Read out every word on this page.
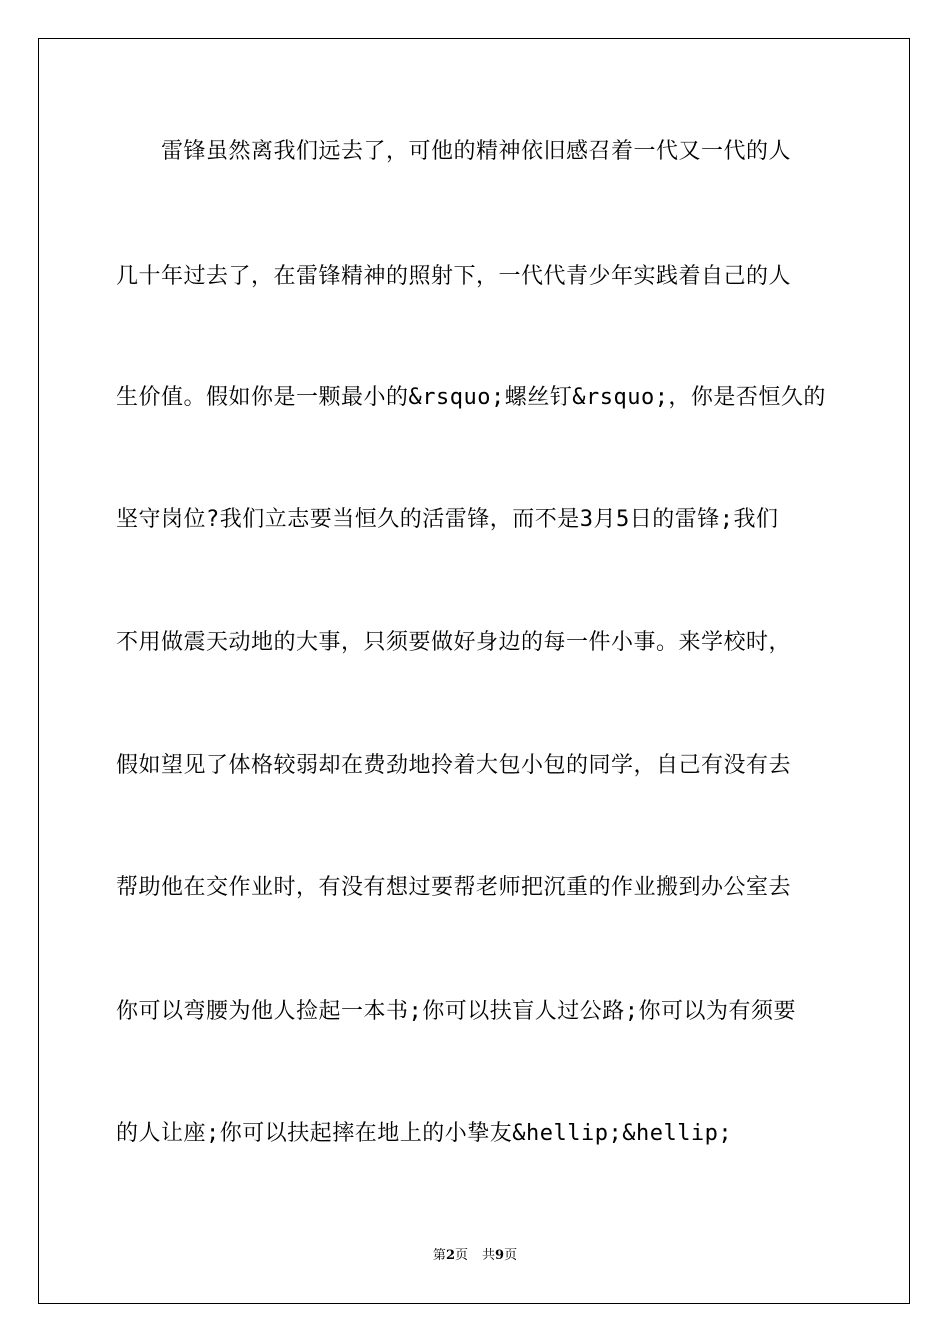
　　雷锋虽然离我们远去了，可他的精神依旧感召着一代又一代的人
几十年过去了，在雷锋精神的照射下，一代代青少年实践着自己的人
生价值。假如你是一颗最小的&rsquo;螺丝钉&rsquo;，你是否恒久的
坚守岗位?我们立志要当恒久的活雷锋，而不是3月5日的雷锋;我们
不用做震天动地的大事，只须要做好身边的每一件小事。来学校时，
假如望见了体格较弱却在费劲地拎着大包小包的同学，自己有没有去
帮助他在交作业时，有没有想过要帮老师把沉重的作业搬到办公室去
你可以弯腰为他人捡起一本书;你可以扶盲人过公路;你可以为有须要
的人让座;你可以扶起摔在地上的小挚友&hellip;&hellip;
第2页 共9页
